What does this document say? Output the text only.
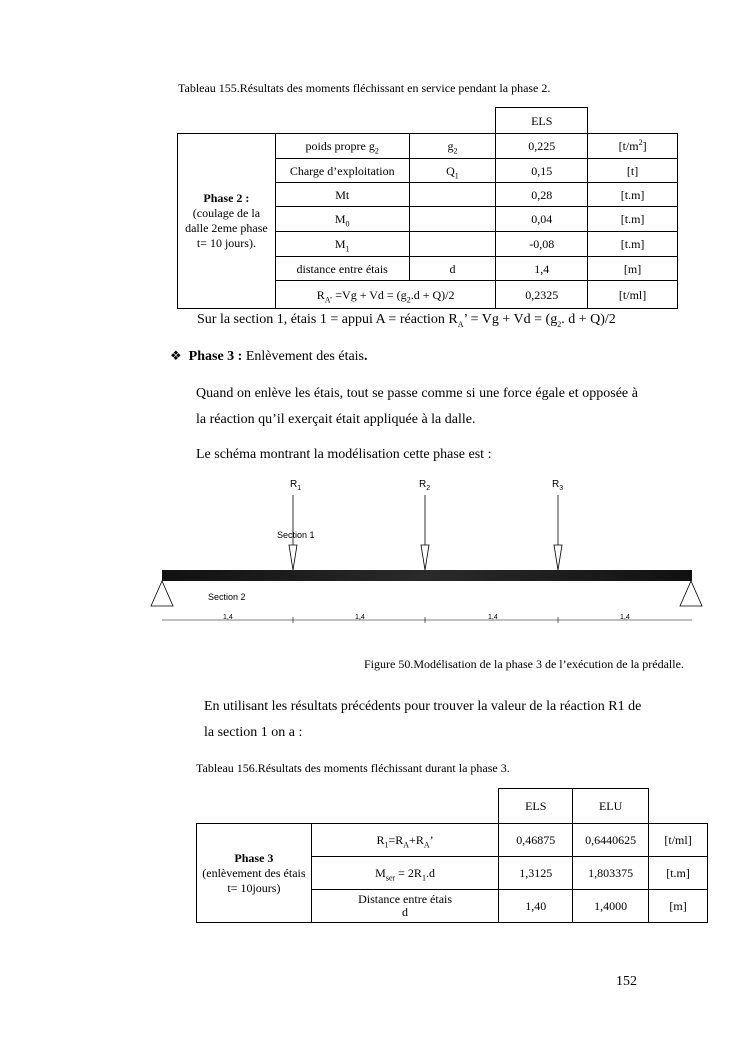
Tableau 155.Résultats des moments fléchissant en service pendant la phase 2.
			ELS	
Phase 2 :
(coulage de la dalle 2eme phase t= 10 jours).	poids propre $g_2$	$g_2$	0,225	$[t/m^2]$
	Charge d’exploitation	$Q_1$	0,15	[t]
	Mt		0,28	[t.m]
	$M_0$		0,04	[t.m]
	$M_1$		-0,08	[t.m]
	distance entre étais	d	1,4	[m]
	$R_{A’} =Vg + Vd = (g_2.d + Q)/2$		0,2325	[t/ml]
Sur la section 1, étais 1 = appui A = réaction $R_A$’ = $Vg + Vd = (g_2$. d + Q)/2
❖ Phase 3 : Enlèvement des étais.
Quand on enlève les étais, tout se passe comme si une force égale et opposée à la réaction qu’il exerçait était appliquée à la dalle.
Le schéma montrant la modélisation cette phase est :
$R_1$	$R_2$	$R_3$
Section 1
Section 2
1,4	1,4	1,4	1,4
Figure 50.Modélisation de la phase 3 de l’exécution de la prédalle.
En utilisant les résultats précédents pour trouver la valeur de la réaction R1 de la section 1 on a :
Tableau 156.Résultats des moments fléchissant durant la phase 3.
		ELS	ELU	
Phase 3
(enlèvement des étais t= 10jours)	$R_1=R_A+R_A$’	0,46875	0,6440625	[t/ml]
	$M_{ser} = 2R_1.d$	1,3125	1,803375	[t.m]
	Distance entre étais
d	1,40	1,4000	[m]
152
